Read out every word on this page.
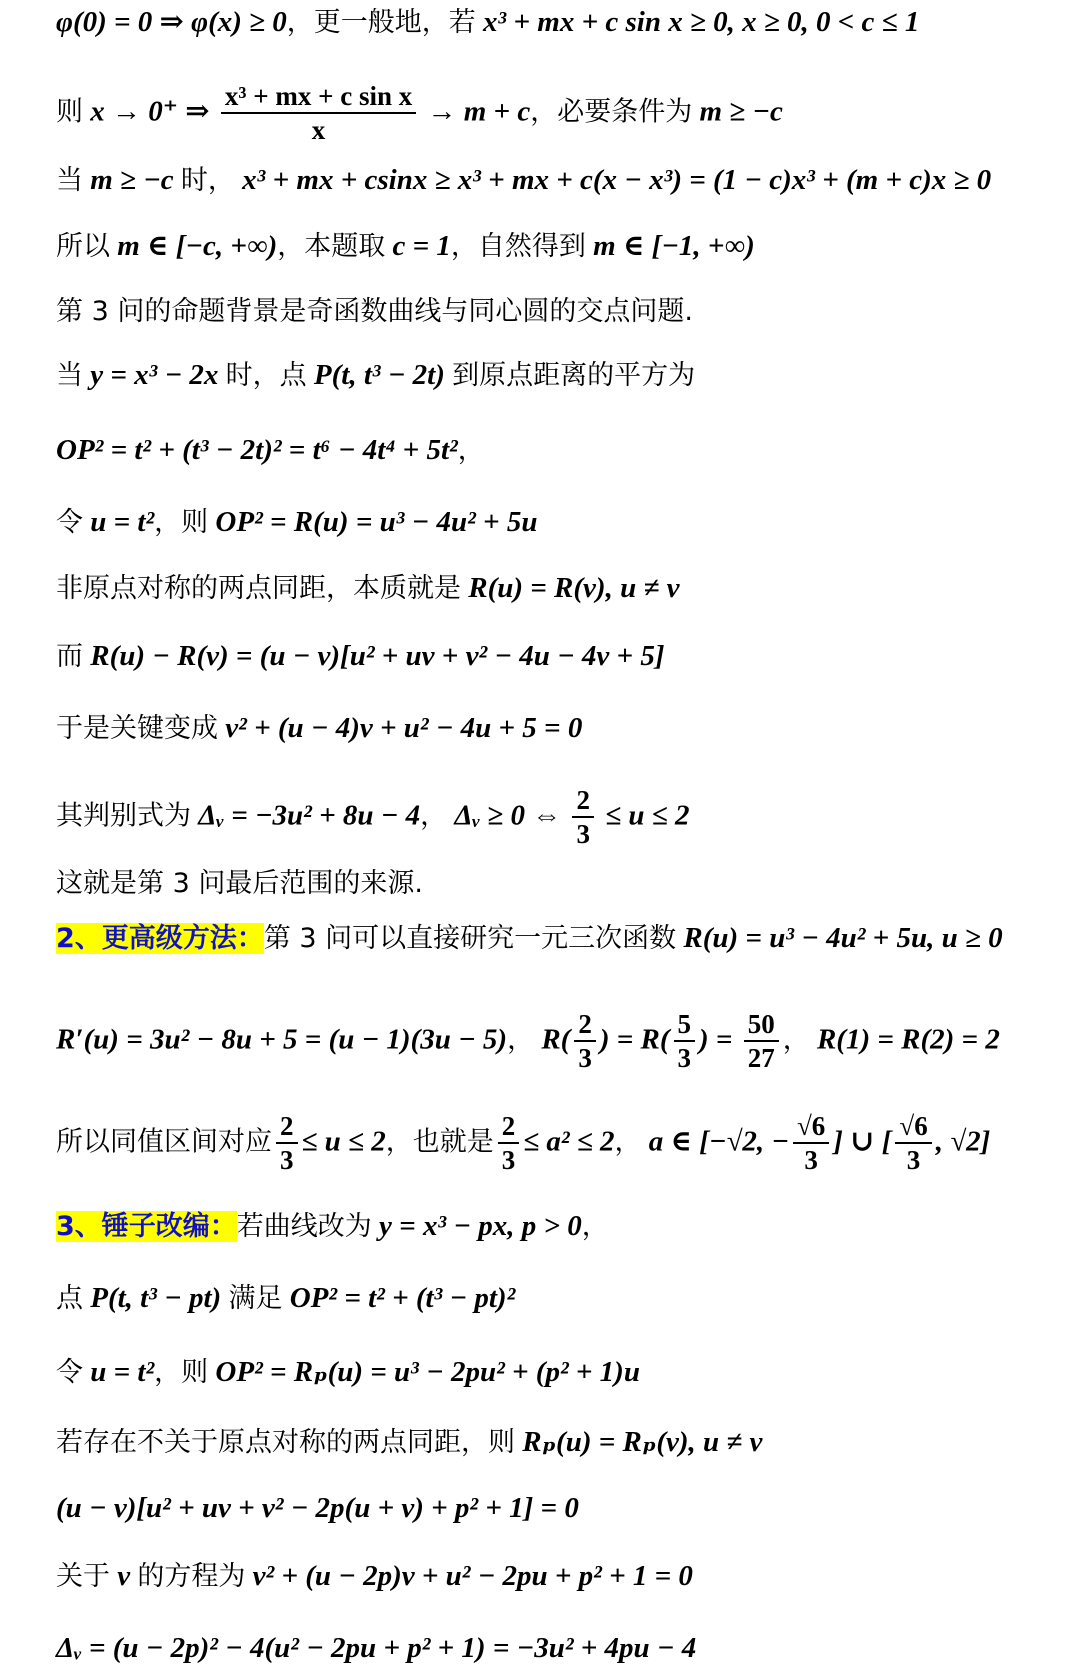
φ(0) = 0 ⇒ φ(x) ≥ 0，更一般地，若 x³ + mx + c sin x ≥ 0, x ≥ 0, 0 < c ≤ 1
则 x → 0⁺ ⇒ $\frac{\text{x³ + mx + c sin x}}{x} \to m + c$，必要条件为 m ≥ −c
当 m ≥ −c 时， x³ + mx + csinx ≥ x³ + mx + c(x − x³) = (1 − c)x³ + (m + c)x ≥ 0
所以 m ∈ [−c, +∞)，本题取 c = 1，自然得到 m ∈ [−1, +∞)
第 3 问的命题背景是奇函数曲线与同心圆的交点问题.
当 y = x³ − 2x 时，点 P(t, t³ − 2t) 到原点距离的平方为
OP² = t² + (t³ − 2t)² = t⁶ − 4t⁴ + 5t²，
令 u = t²，则 OP² = R(u) = u³ − 4u² + 5u
非原点对称的两点同距，本质就是 R(u) = R(v), u ≠ v
而 R(u) − R(v) = (u − v)[u² + uv + v² − 4u − 4v + 5]
于是关键变成 v² + (u − 4)v + u² − 4u + 5 = 0
其判别式为 Δᵥ = −3u² + 8u − 4， Δᵥ ≥ 0 ⇔ $\frac{2}{3} \le u \le 2$
这就是第 3 问最后范围的来源.
2、更高级方法：第 3 问可以直接研究一元三次函数 R(u) = u³ − 4u² + 5u, u ≥ 0
R′(u) = 3u² − 8u + 5 = (u − 1)(3u − 5)， $R( \frac{2}{3}$ ) = $R( \frac{5}{3}$ ) = $\frac{50}{27}$ ， R(1) = R(2) = 2
所以同值区间对应 $\frac{2}{3} \le u \le 2$，也就是 $\frac{2}{3} \le a^2 \le 2$， a ∈ [−√2, − $\frac{√6}{3}$ ] ∪ [ $\frac{√6}{3}$ , √2]
3、锤子改编：若曲线改为 y = x³ − px, p > 0，
点 P(t, t³ − pt) 满足 OP² = t² + (t³ − pt)²
令 u = t²，则 OP² = Rₚ(u) = u³ − 2pu² + (p² + 1)u
若存在不关于原点对称的两点同距，则 Rₚ(u) = Rₚ(v), u ≠ v
(u − v)[u² + uv + v² − 2p(u + v) + p² + 1] = 0
关于 v 的方程为 v² + (u − 2p)v + u² − 2pu + p² + 1 = 0
Δᵥ = (u − 2p)² − 4(u² − 2pu + p² + 1) = −3u² + 4pu − 4
